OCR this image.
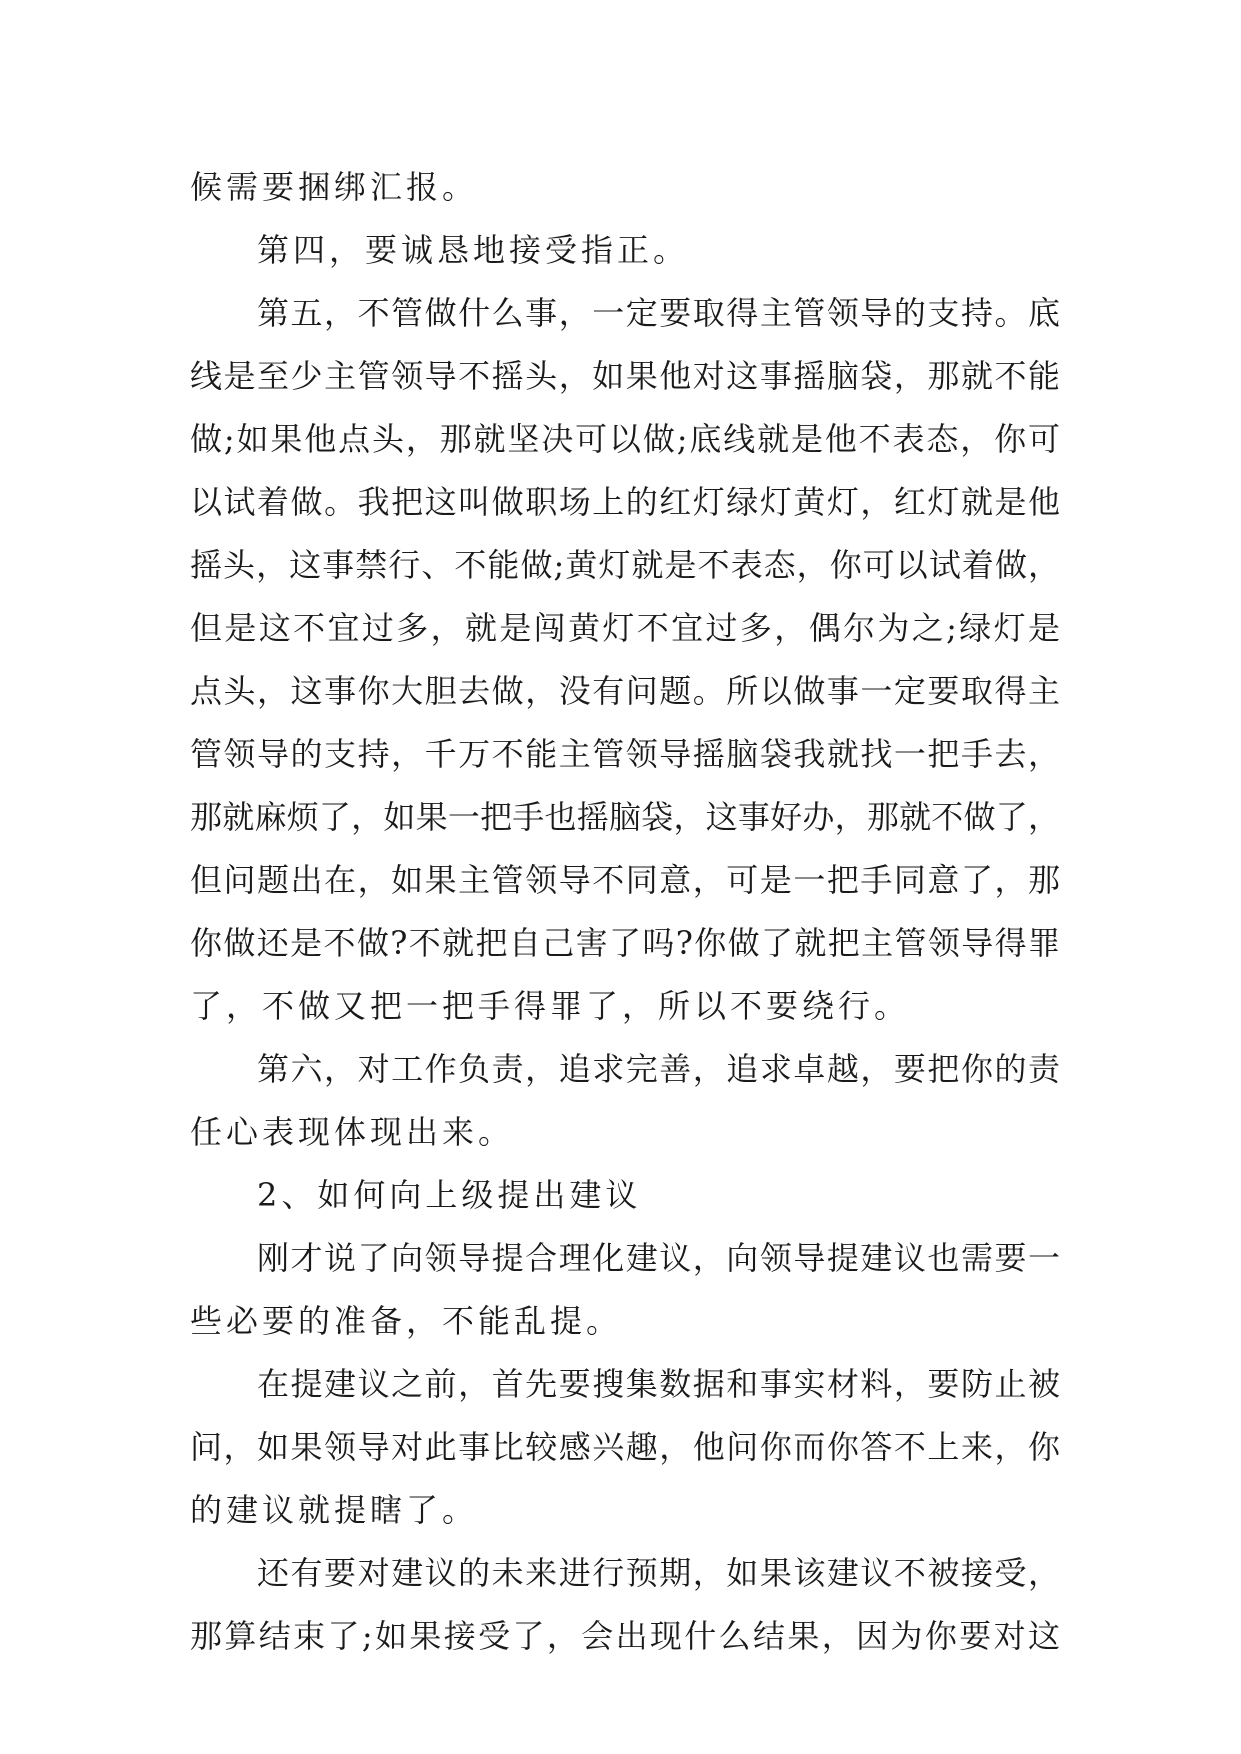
候需要捆绑汇报。
第四，要诚恳地接受指正。
第五，不管做什么事，一定要取得主管领导的支持。底
线是至少主管领导不摇头，如果他对这事摇脑袋，那就不能
做;如果他点头，那就坚决可以做;底线就是他不表态，你可
以试着做。我把这叫做职场上的红灯绿灯黄灯，红灯就是他
摇头，这事禁行、不能做;黄灯就是不表态，你可以试着做，
但是这不宜过多，就是闯黄灯不宜过多，偶尔为之;绿灯是
点头，这事你大胆去做，没有问题。所以做事一定要取得主
管领导的支持，千万不能主管领导摇脑袋我就找一把手去，
那就麻烦了，如果一把手也摇脑袋，这事好办，那就不做了，
但问题出在，如果主管领导不同意，可是一把手同意了，那
你做还是不做?不就把自己害了吗?你做了就把主管领导得罪
了，不做又把一把手得罪了，所以不要绕行。
第六，对工作负责，追求完善，追求卓越，要把你的责
任心表现体现出来。
2、如何向上级提出建议
刚才说了向领导提合理化建议，向领导提建议也需要一
些必要的准备，不能乱提。
在提建议之前，首先要搜集数据和事实材料，要防止被
问，如果领导对此事比较感兴趣，他问你而你答不上来，你
的建议就提瞎了。
还有要对建议的未来进行预期，如果该建议不被接受，
那算结束了;如果接受了，会出现什么结果，因为你要对这
